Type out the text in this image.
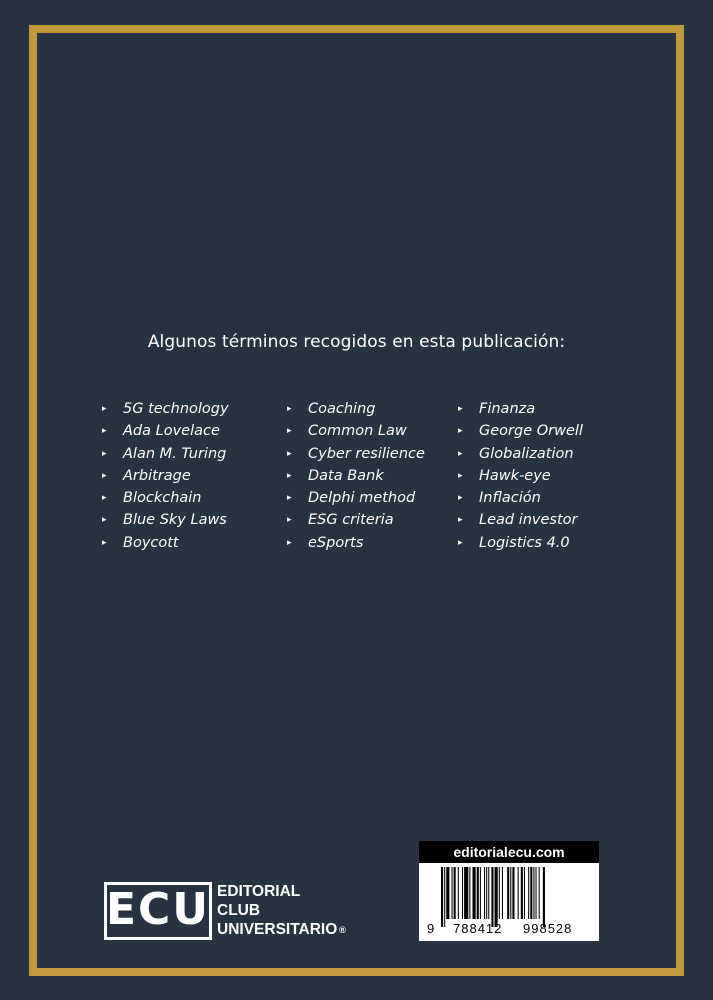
Algunos términos recogidos en esta publicación:
▸ 5G technology
▸ Ada Lovelace
▸ Alan M. Turing
▸ Arbitrage
▸ Blockchain
▸ Blue Sky Laws
▸ Boycott
▸ Coaching
▸ Common Law
▸ Cyber resilience
▸ Data Bank
▸ Delphi method
▸ ESG criteria
▸ eSports
▸ Finanza
▸ George Orwell
▸ Globalization
▸ Hawk-eye
▸ Inflación
▸ Lead investor
▸ Logistics 4.0
ECU EDITORIAL
CLUB
UNIVERSITARIO ®
editorialecu.com
9 788412 998528
